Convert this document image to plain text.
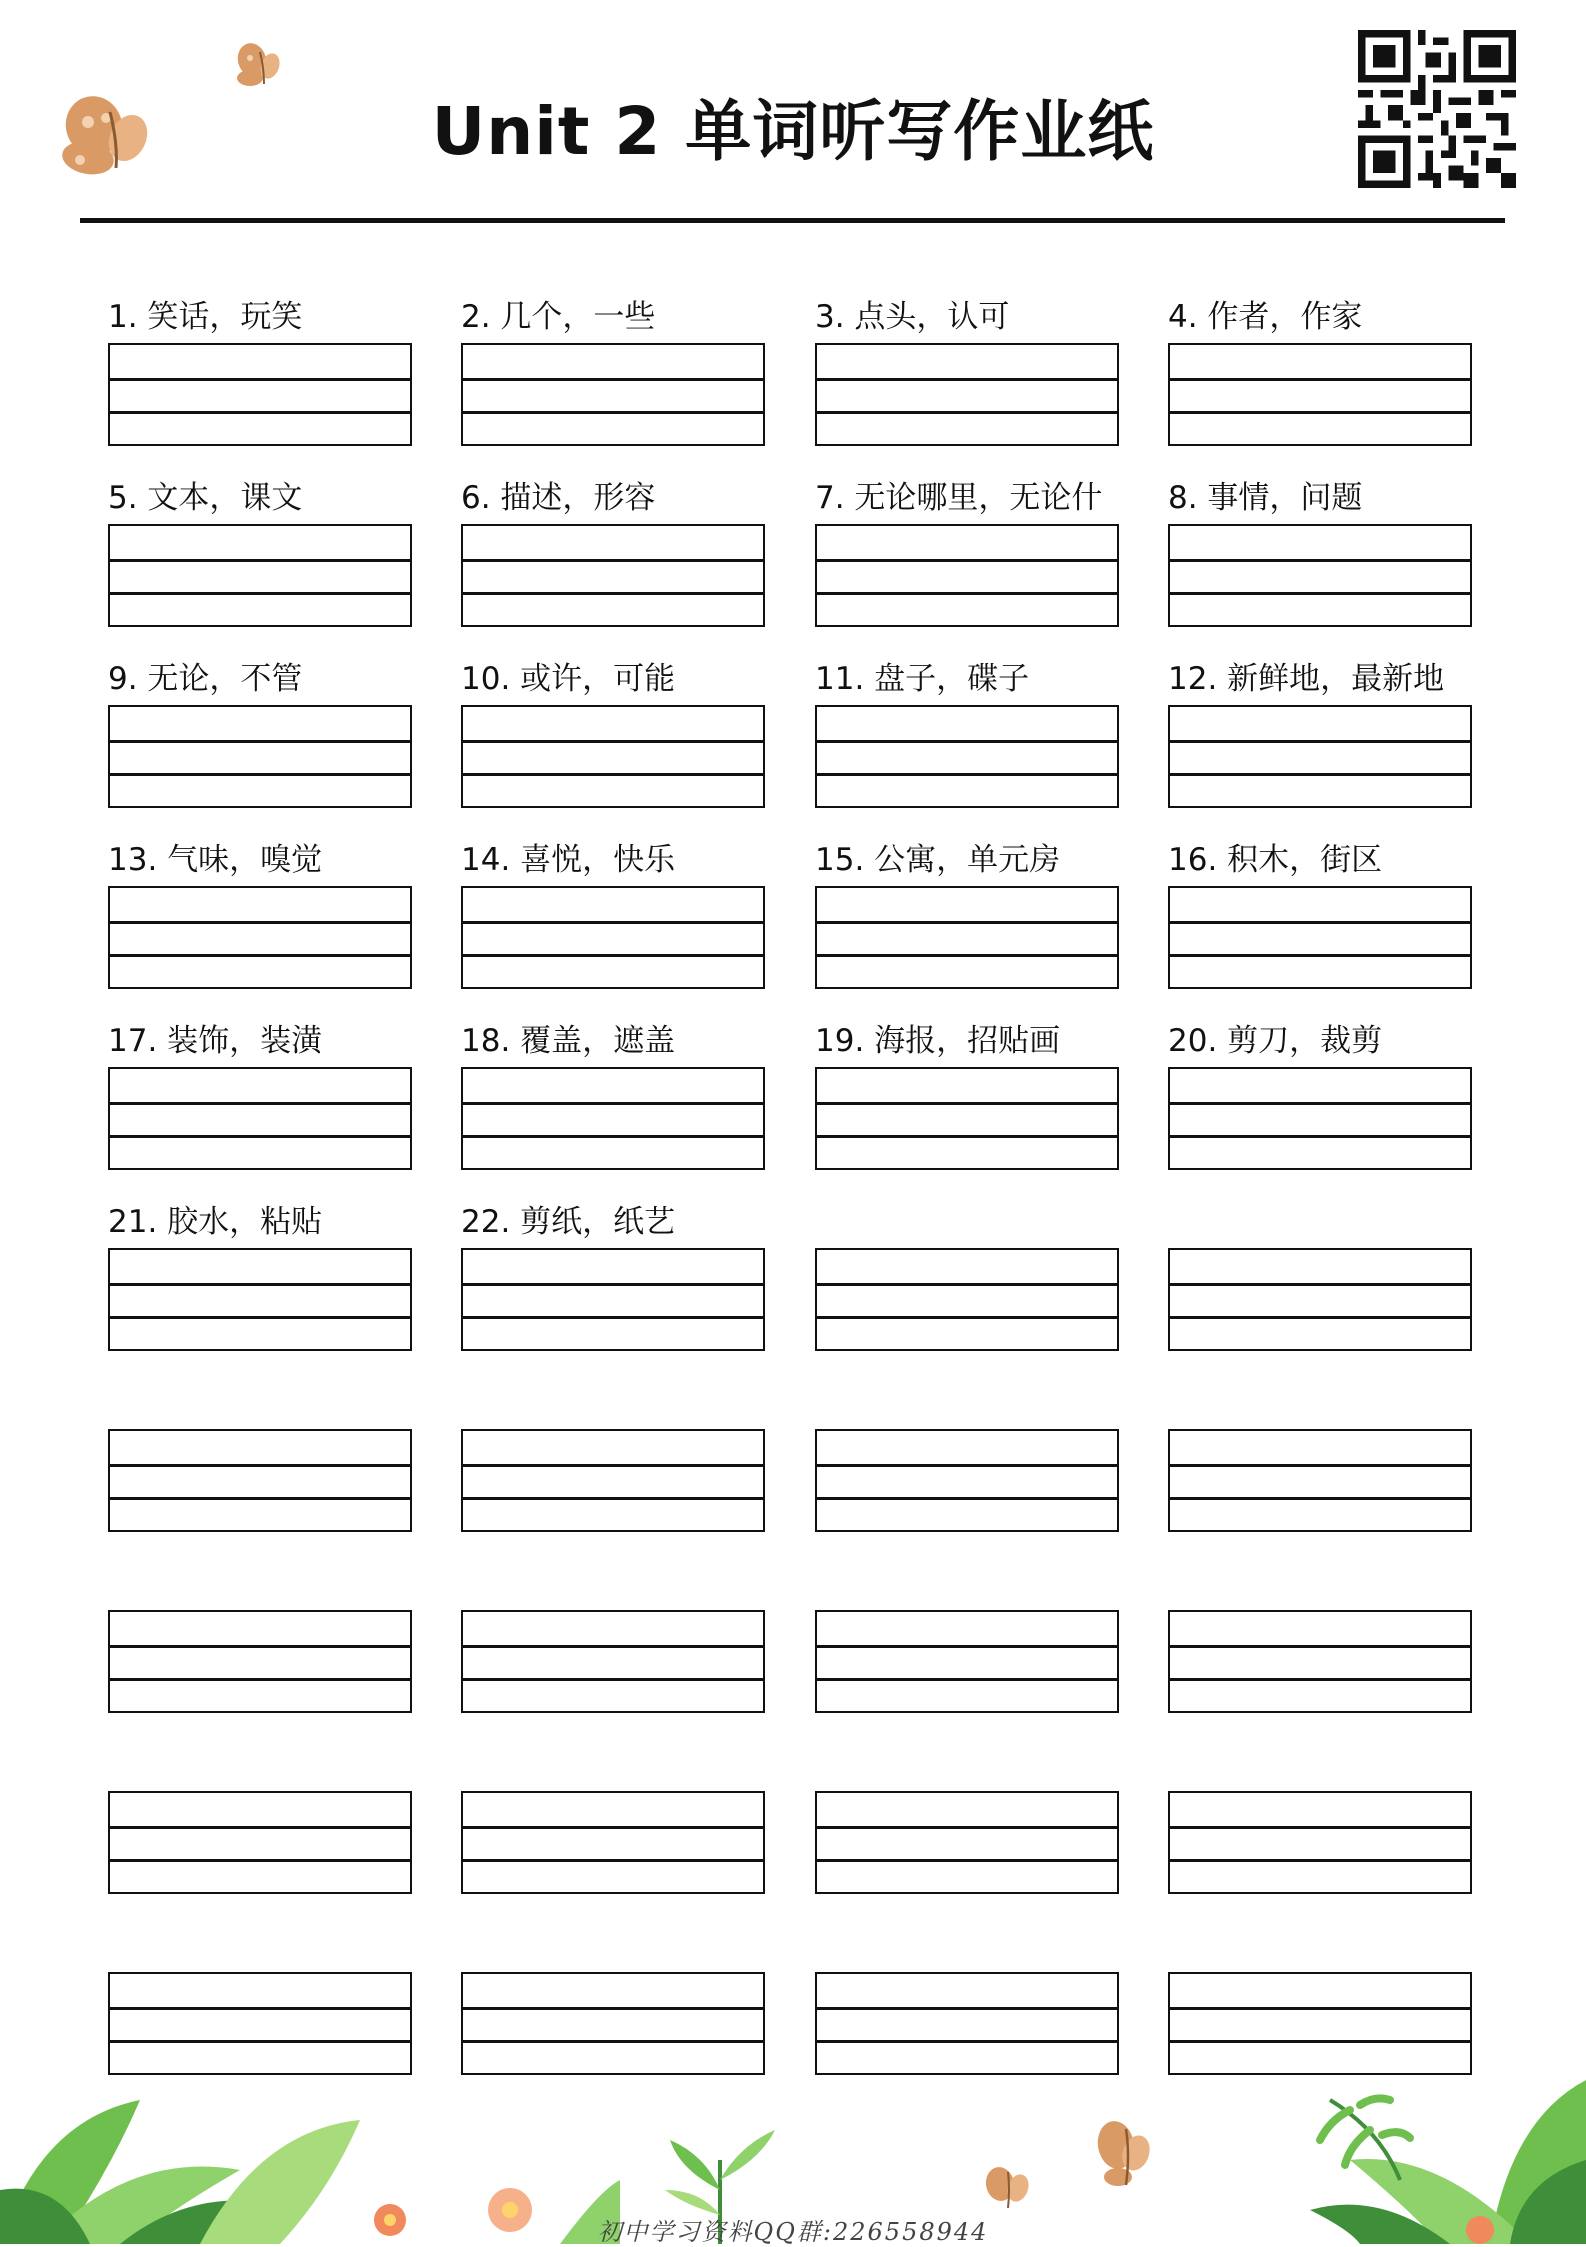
Unit 2 单词听写作业纸
1. 笑话，玩笑	2. 几个，一些	3. 点头，认可	4. 作者，作家
5. 文本，课文	6. 描述，形容	7. 无论哪里，无论什	8. 事情，问题
9. 无论，不管	10. 或许，可能	11. 盘子，碟子	12. 新鲜地，最新地
13. 气味，嗅觉	14. 喜悦，快乐	15. 公寓，单元房	16. 积木，街区
17. 装饰，装潢	18. 覆盖，遮盖	19. 海报，招贴画	20. 剪刀，裁剪
21. 胶水，粘贴	22. 剪纸，纸艺
初中学习资料QQ群:226558944
